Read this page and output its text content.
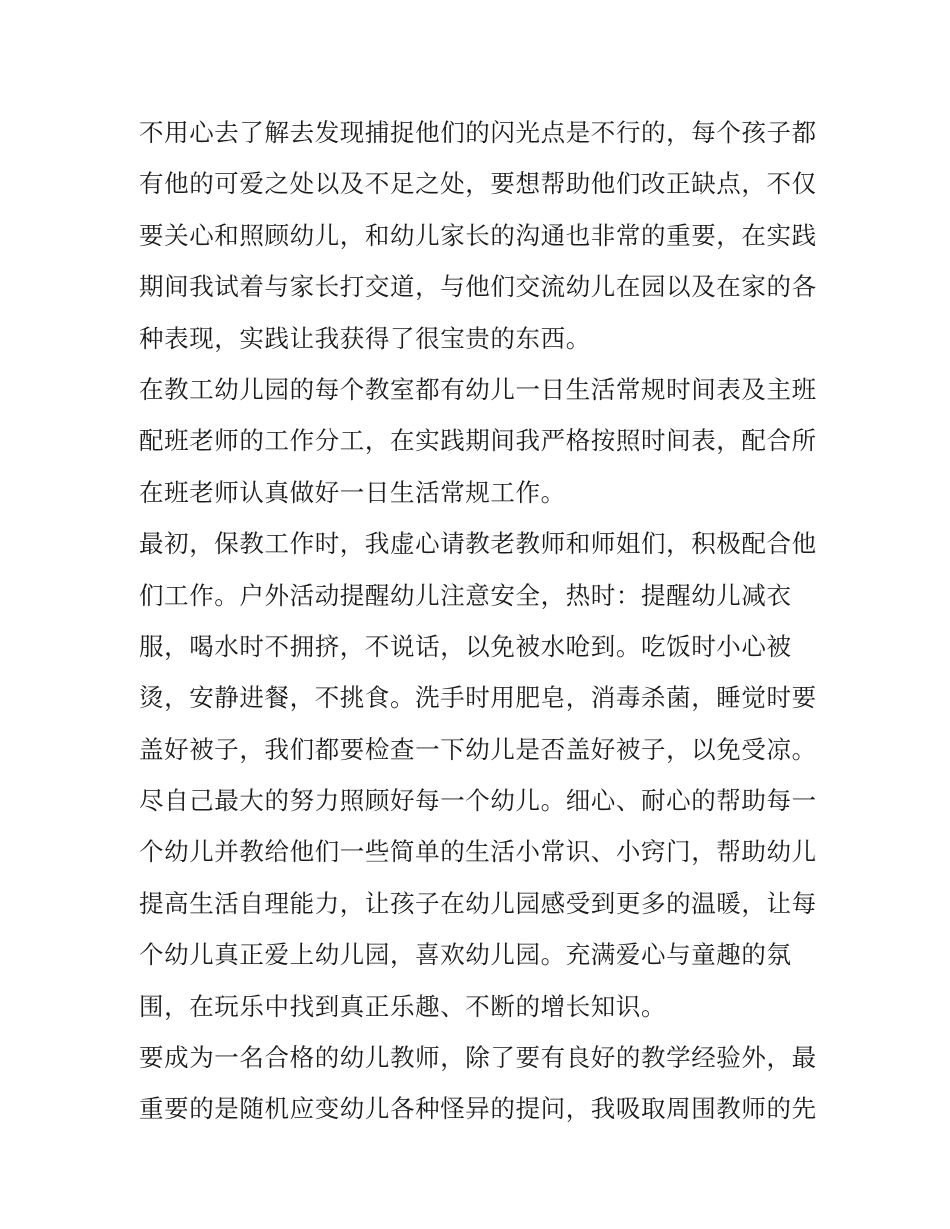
不用心去了解去发现捕捉他们的闪光点是不行的，每个孩子都
有他的可爱之处以及不足之处，要想帮助他们改正缺点，不仅
要关心和照顾幼儿，和幼儿家长的沟通也非常的重要，在实践
期间我试着与家长打交道，与他们交流幼儿在园以及在家的各
种表现，实践让我获得了很宝贵的东西。
在教工幼儿园的每个教室都有幼儿一日生活常规时间表及主班
配班老师的工作分工，在实践期间我严格按照时间表，配合所
在班老师认真做好一日生活常规工作。
最初，保教工作时，我虚心请教老教师和师姐们，积极配合他
们工作。户外活动提醒幼儿注意安全，热时：提醒幼儿减衣
服，喝水时不拥挤，不说话，以免被水呛到。吃饭时小心被
烫，安静进餐，不挑食。洗手时用肥皂，消毒杀菌，睡觉时要
盖好被子，我们都要检查一下幼儿是否盖好被子，以免受凉。
尽自己最大的努力照顾好每一个幼儿。细心、耐心的帮助每一
个幼儿并教给他们一些简单的生活小常识、小窍门，帮助幼儿
提高生活自理能力，让孩子在幼儿园感受到更多的温暖，让每
个幼儿真正爱上幼儿园，喜欢幼儿园。充满爱心与童趣的氛
围，在玩乐中找到真正乐趣、不断的增长知识。
要成为一名合格的幼儿教师，除了要有良好的教学经验外，最
重要的是随机应变幼儿各种怪异的提问，我吸取周围教师的先
